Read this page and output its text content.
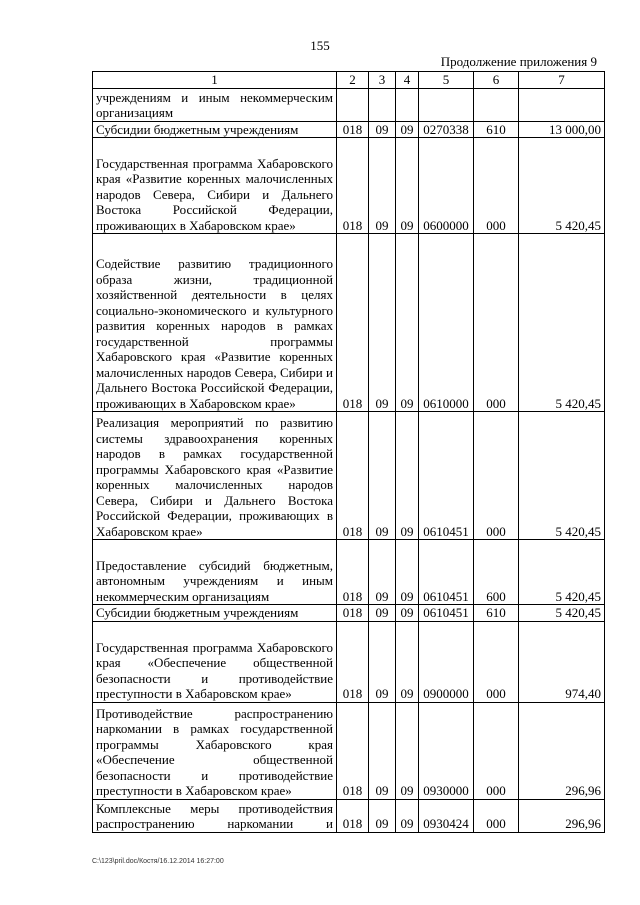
155
Продолжение приложения 9
1	2	3	4	5	6	7
учреждениям и иным некоммерческим организациям						
Субсидии бюджетным учреждениям	018	09	09	0270338	610	13 000,00
Государственная программа Хабаровского края «Развитие коренных малочисленных народов Севера, Сибири и Дальнего Востока Российской Федерации, проживающих в Хабаровском крае»	018	09	09	0600000	000	5 420,45
Содействие развитию традиционного образа жизни, традиционной хозяйственной деятельности в целях социально-экономического и культурного развития коренных народов в рамках государственной программы Хабаровского края «Развитие коренных малочисленных народов Севера, Сибири и Дальнего Востока Российской Федерации, проживающих в Хабаровском крае»	018	09	09	0610000	000	5 420,45
Реализация мероприятий по развитию системы здравоохранения коренных народов в рамках государственной программы Хабаровского края «Развитие коренных малочисленных народов Севера, Сибири и Дальнего Востока Российской Федерации, проживающих в Хабаровском крае»	018	09	09	0610451	000	5 420,45
Предоставление субсидий бюджетным, автономным учреждениям и иным некоммерческим организациям	018	09	09	0610451	600	5 420,45
Субсидии бюджетным учреждениям	018	09	09	0610451	610	5 420,45
Государственная программа Хабаровского края «Обеспечение общественной безопасности и противодействие преступности в Хабаровском крае»	018	09	09	0900000	000	974,40
Противодействие распространению наркомании в рамках государственной программы Хабаровского края «Обеспечение общественной безопасности и противодействие преступности в Хабаровском крае»	018	09	09	0930000	000	296,96
Комплексные меры противодействия распространению наркомании и	018	09	09	0930424	000	296,96
C:\123\pril.doc/Костя/16.12.2014 16:27:00
